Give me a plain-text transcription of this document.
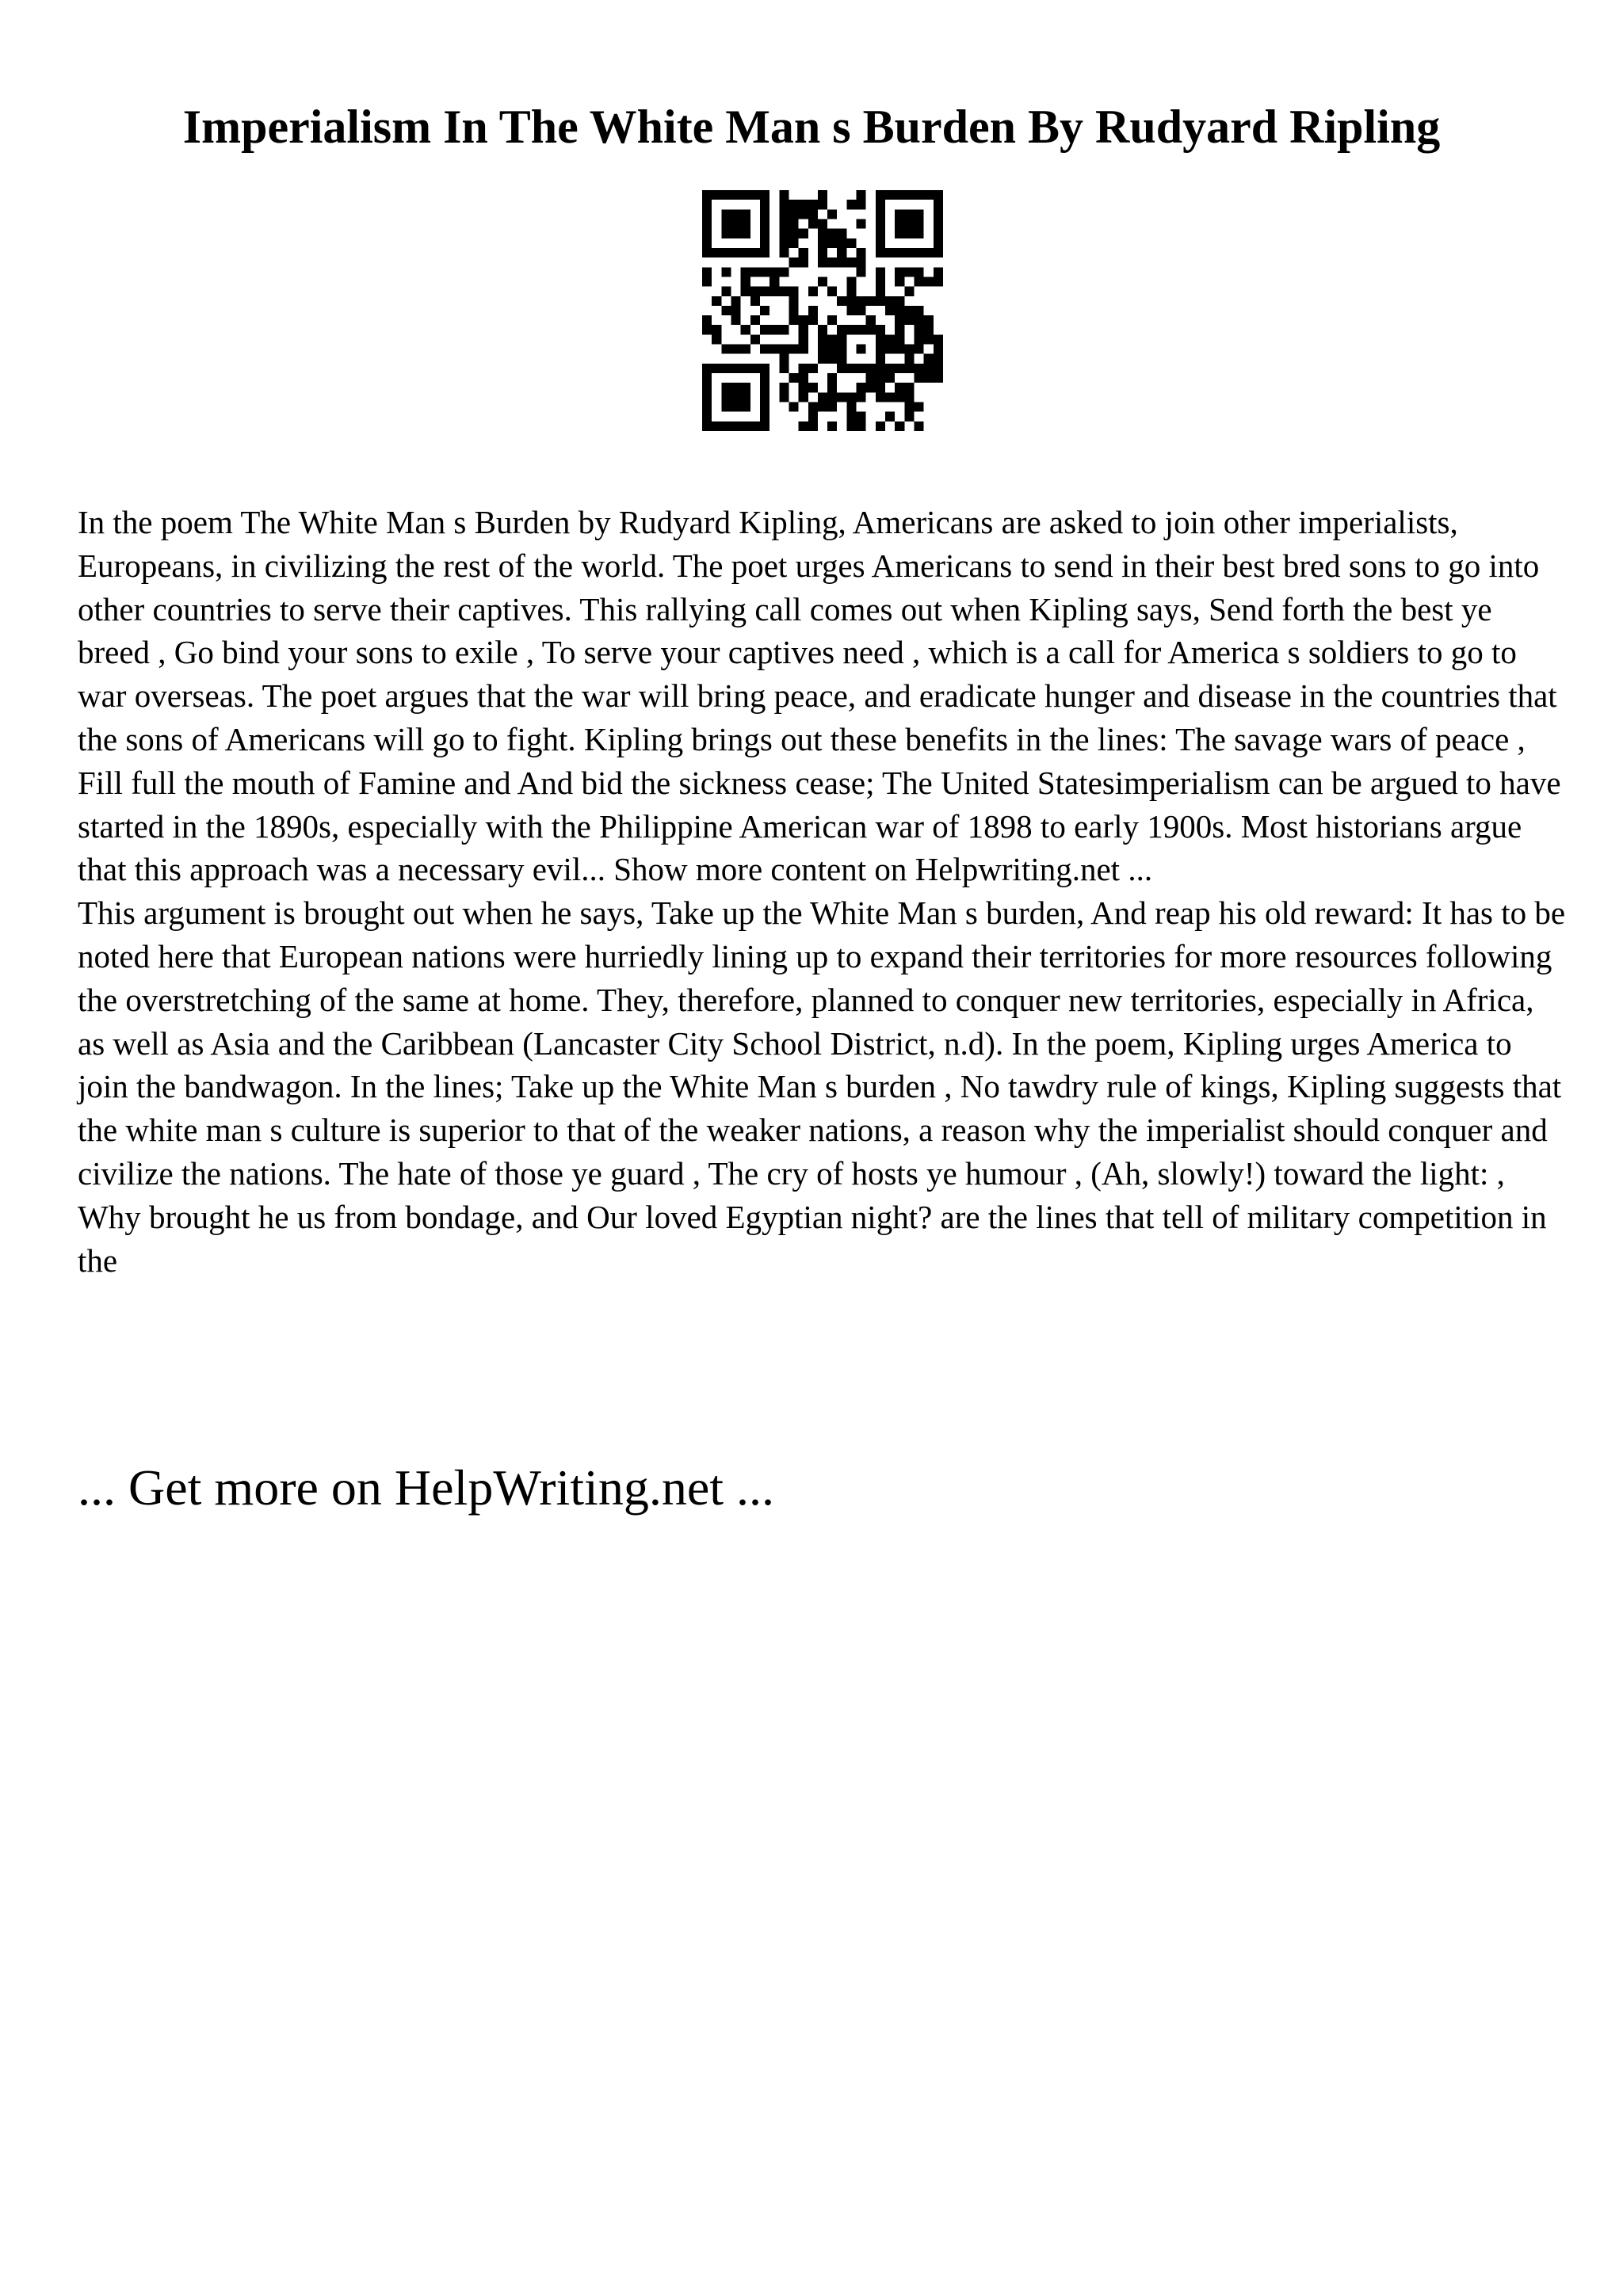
Imperialism In The White Man s Burden By Rudyard Ripling

In the poem The White Man s Burden by Rudyard Kipling, Americans are asked to join other imperialists, Europeans, in civilizing the rest of the world. The poet urges Americans to send in their best bred sons to go into other countries to serve their captives. This rallying call comes out when Kipling says, Send forth the best ye breed , Go bind your sons to exile , To serve your captives need , which is a call for America s soldiers to go to war overseas. The poet argues that the war will bring peace, and eradicate hunger and disease in the countries that the sons of Americans will go to fight. Kipling brings out these benefits in the lines: The savage wars of peace , Fill full the mouth of Famine and And bid the sickness cease; The United Statesimperialism can be argued to have started in the 1890s, especially with the Philippine American war of 1898 to early 1900s. Most historians argue that this approach was a necessary evil... Show more content on Helpwriting.net ...

This argument is brought out when he says, Take up the White Man s burden, And reap his old reward: It has to be noted here that European nations were hurriedly lining up to expand their territories for more resources following the overstretching of the same at home. They, therefore, planned to conquer new territories, especially in Africa, as well as Asia and the Caribbean (Lancaster City School District, n.d). In the poem, Kipling urges America to join the bandwagon. In the lines; Take up the White Man s burden , No tawdry rule of kings, Kipling suggests that the white man s culture is superior to that of the weaker nations, a reason why the imperialist should conquer and civilize the nations. The hate of those ye guard , The cry of hosts ye humour , (Ah, slowly!) toward the light: , Why brought he us from bondage, and Our loved Egyptian night? are the lines that tell of military competition in the

... Get more on HelpWriting.net ...
